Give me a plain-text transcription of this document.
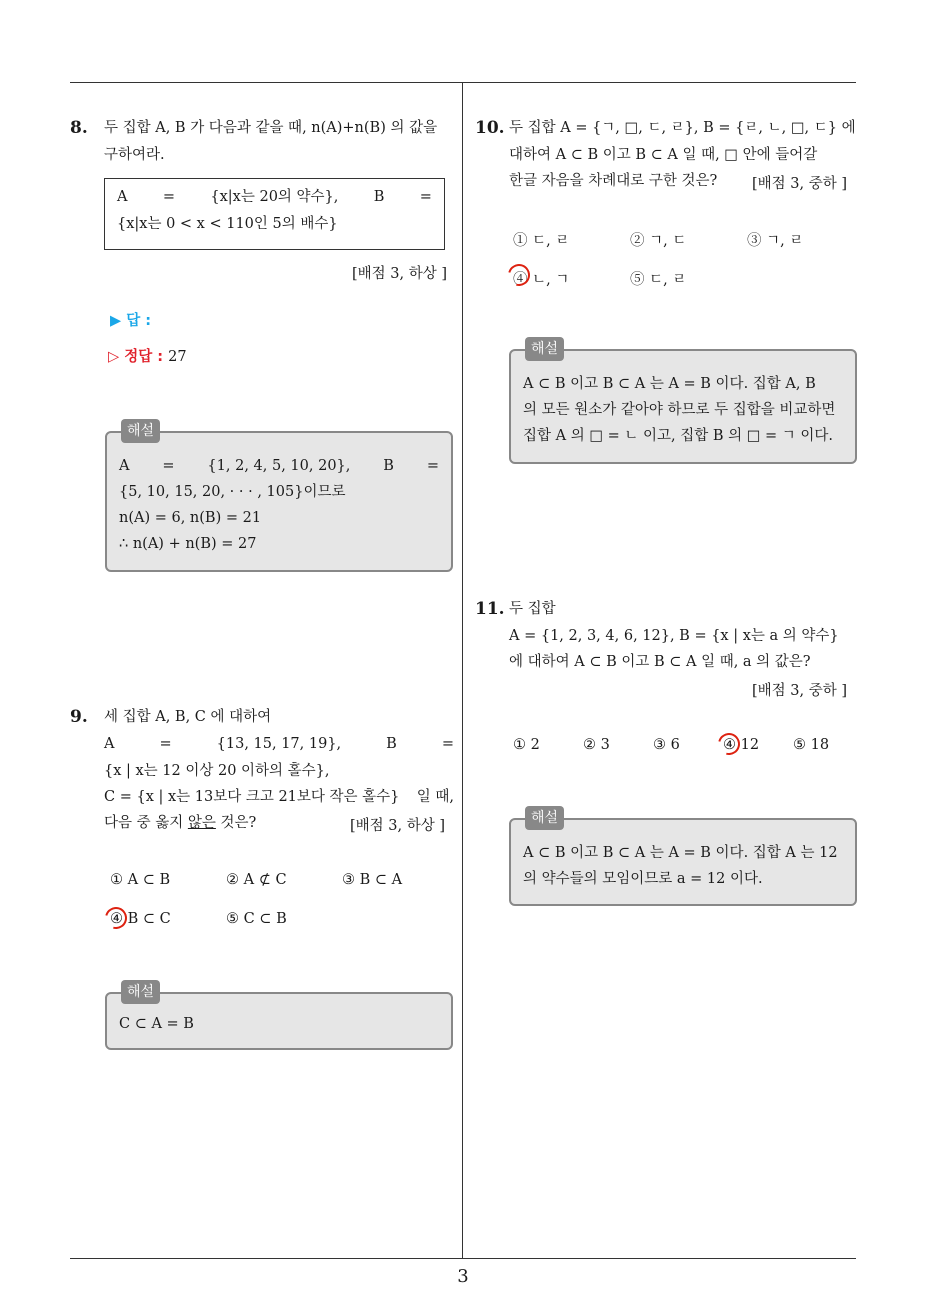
3
8. 두 집합 A, B 가 다음과 같을 때, n(A)+n(B) 의 값을
구하여라.
A = {x|x는 20의 약수}, B =
{x|x는 0 < x < 110인 5의 배수}
[배점 3, 하상 ]
▶ 답 :
▷ 정답 : 27
해설
A = {1, 2, 4, 5, 10, 20}, B =
{5, 10, 15, 20, · · · , 105}이므로
n(A) = 6, n(B) = 21
∴ n(A) + n(B) = 27
9. 세 집합 A, B, C 에 대하여
A	=	{13, 15, 17, 19},	B	=
{x | x는 12 이상 20 이하의 홀수},
C = {x | x는 13보다 크고 21보다 작은 홀수} 일 때,
다음 중 옳지 않은 것은?	[배점 3, 하상 ]
① A ⊂ B	② A ⊄ C	③ B ⊂ A
④ B ⊂ C	⑤ C ⊂ B
해설
C ⊂ A = B
10. 두 집합 A = {ㄱ, □, ㄷ, ㄹ}, B = {ㄹ, ㄴ, □, ㄷ} 에
대하여 A ⊂ B 이고 B ⊂ A 일 때, □ 안에 들어갈
한글 자음을 차례대로 구한 것은? [배점 3, 중하 ]
① ㄷ, ㄹ	② ㄱ, ㄷ	③ ㄱ, ㄹ
④ ㄴ, ㄱ	⑤ ㄷ, ㄹ
해설
A ⊂ B 이고 B ⊂ A 는 A = B 이다. 집합 A, B
의 모든 원소가 같아야 하므로 두 집합을 비교하면
집합 A 의 □ = ㄴ 이고, 집합 B 의 □ = ㄱ 이다.
11. 두 집합
A = {1, 2, 3, 4, 6, 12}, B = {x | x는 a 의 약수}
에 대하여 A ⊂ B 이고 B ⊂ A 일 때, a 의 값은?
[배점 3, 중하 ]
① 2	② 3	③ 6	④ 12 ⑤ 18
해설
A ⊂ B 이고 B ⊂ A 는 A = B 이다. 집합 A 는 12
의 약수들의 모임이므로 a = 12 이다.
